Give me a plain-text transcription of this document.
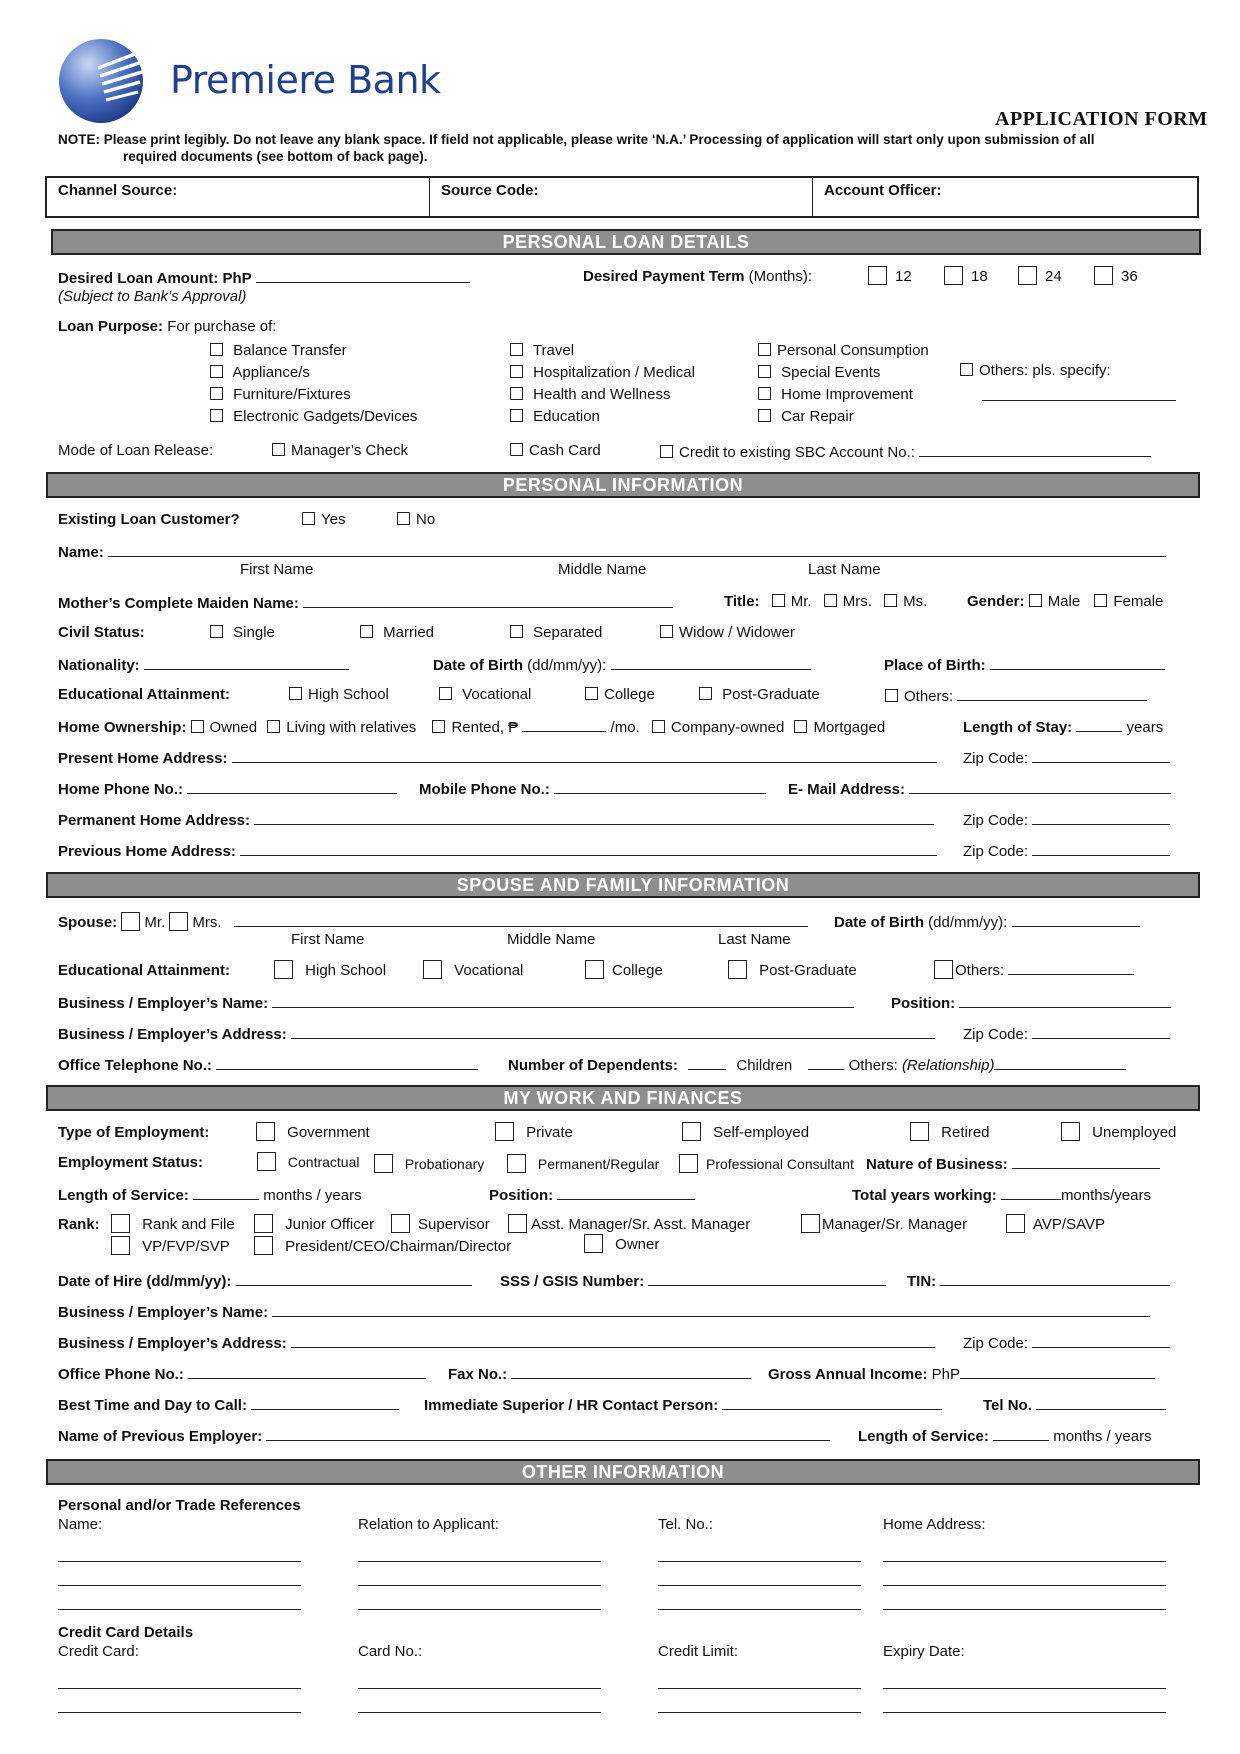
Premiere Bank
APPLICATION FORM
NOTE: Please print legibly. Do not leave any blank space. If field not applicable, please write ‘N.A.’ Processing of application will start only upon submission of all
required documents (see bottom of back page).
Channel Source:	Source Code:	Account Officer:
PERSONAL LOAN DETAILS
Desired Loan Amount: PhP
(Subject to Bank’s Approval)
Desired Payment Term (Months):	12	18	24	36
Loan Purpose: For purchase of:
Balance Transfer
Appliance/s
Furniture/Fixtures
Electronic Gadgets/Devices
Travel
Hospitalization / Medical
Health and Wellness
Education
Personal Consumption
Special Events
Home Improvement
Car Repair
Others: pls. specify:
Mode of Loan Release:	Manager’s Check	Cash Card	Credit to existing SBC Account No.:
PERSONAL INFORMATION
Existing Loan Customer?	Yes	No
Name:
First Name	Middle Name	Last Name
Mother’s Complete Maiden Name:	Title: Mr. Mrs. Ms.	Gender: Male Female
Civil Status:	Single	Married	Separated	Widow / Widower
Nationality:	Date of Birth (dd/mm/yy):	Place of Birth:
Educational Attainment:	High School	Vocational	College	Post-Graduate	Others:
Home Ownership: Owned Living with relatives Rented, ₱	/mo. Company-owned Mortgaged	Length of Stay:	years
Present Home Address:	Zip Code:
Home Phone No.:	Mobile Phone No.:	E- Mail Address:
Permanent Home Address:	Zip Code:
Previous Home Address:	Zip Code:
SPOUSE AND FAMILY INFORMATION
Spouse: Mr. Mrs.	Date of Birth (dd/mm/yy):
First Name	Middle Name	Last Name
Educational Attainment:	High School	Vocational	College	Post-Graduate	Others:
Business / Employer’s Name:	Position:
Business / Employer’s Address:	Zip Code:
Office Telephone No.:	Number of Dependents:	Children	Others: (Relationship)
MY WORK AND FINANCES
Type of Employment:	Government	Private	Self-employed	Retired	Unemployed
Employment Status:	Contractual	Probationary	Permanent/Regular	Professional Consultant Nature of Business:
Length of Service:	months / years	Position:	Total years working:	months/years
Rank:	Rank and File	Junior Officer	Supervisor	Asst. Manager/Sr. Asst. Manager	Manager/Sr. Manager	AVP/SAVP
VP/FVP/SVP	President/CEO/Chairman/Director	Owner
Date of Hire (dd/mm/yy):	SSS / GSIS Number:	TIN:
Business / Employer’s Name:
Business / Employer’s Address:	Zip Code:
Office Phone No.:	Fax No.:	Gross Annual Income: PhP
Best Time and Day to Call:	Immediate Superior / HR Contact Person:	Tel No.
Name of Previous Employer:	Length of Service:	months / years
OTHER INFORMATION
Personal and/or Trade References
Name:	Relation to Applicant:	Tel. No.:	Home Address:
Credit Card Details
Credit Card:	Card No.:	Credit Limit:	Expiry Date:
